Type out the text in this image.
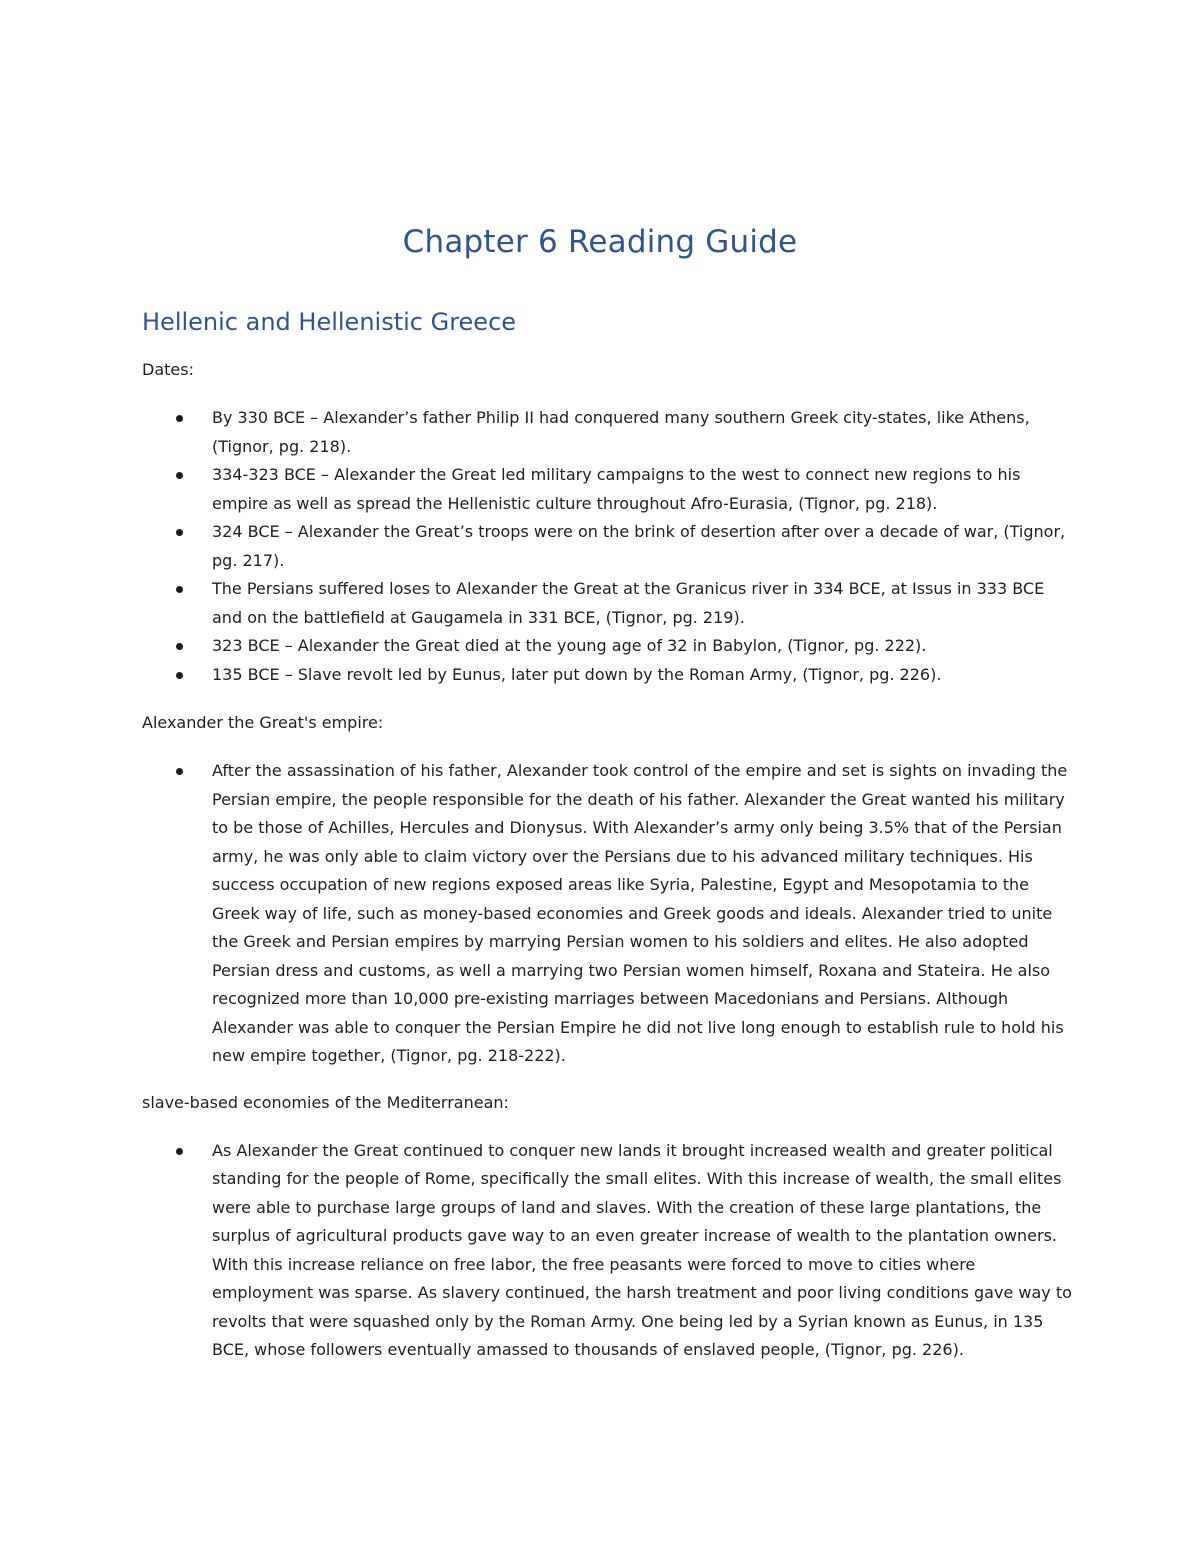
Chapter 6 Reading Guide
Hellenic and Hellenistic Greece

Dates:

By 330 BCE – Alexander’s father Philip II had conquered many southern Greek city-states, like Athens, (Tignor, pg. 218).
334-323 BCE – Alexander the Great led military campaigns to the west to connect new regions to his empire as well as spread the Hellenistic culture throughout Afro-Eurasia, (Tignor, pg. 218).
324 BCE – Alexander the Great’s troops were on the brink of desertion after over a decade of war, (Tignor, pg. 217).
The Persians suffered loses to Alexander the Great at the Granicus river in 334 BCE, at Issus in 333 BCE and on the battlefield at Gaugamela in 331 BCE, (Tignor, pg. 219).
323 BCE – Alexander the Great died at the young age of 32 in Babylon, (Tignor, pg. 222).
135 BCE – Slave revolt led by Eunus, later put down by the Roman Army, (Tignor, pg. 226).

Alexander the Great's empire:

After the assassination of his father, Alexander took control of the empire and set is sights on invading the Persian empire, the people responsible for the death of his father. Alexander the Great wanted his military to be those of Achilles, Hercules and Dionysus. With Alexander’s army only being 3.5% that of the Persian army, he was only able to claim victory over the Persians due to his advanced military techniques. His success occupation of new regions exposed areas like Syria, Palestine, Egypt and Mesopotamia to the Greek way of life, such as money-based economies and Greek goods and ideals. Alexander tried to unite the Greek and Persian empires by marrying Persian women to his soldiers and elites. He also adopted Persian dress and customs, as well a marrying two Persian women himself, Roxana and Stateira. He also recognized more than 10,000 pre-existing marriages between Macedonians and Persians. Although Alexander was able to conquer the Persian Empire he did not live long enough to establish rule to hold his new empire together, (Tignor, pg. 218-222).

slave-based economies of the Mediterranean:

As Alexander the Great continued to conquer new lands it brought increased wealth and greater political standing for the people of Rome, specifically the small elites. With this increase of wealth, the small elites were able to purchase large groups of land and slaves. With the creation of these large plantations, the surplus of agricultural products gave way to an even greater increase of wealth to the plantation owners. With this increase reliance on free labor, the free peasants were forced to move to cities where employment was sparse. As slavery continued, the harsh treatment and poor living conditions gave way to revolts that were squashed only by the Roman Army. One being led by a Syrian known as Eunus, in 135 BCE, whose followers eventually amassed to thousands of enslaved people, (Tignor, pg. 226).
